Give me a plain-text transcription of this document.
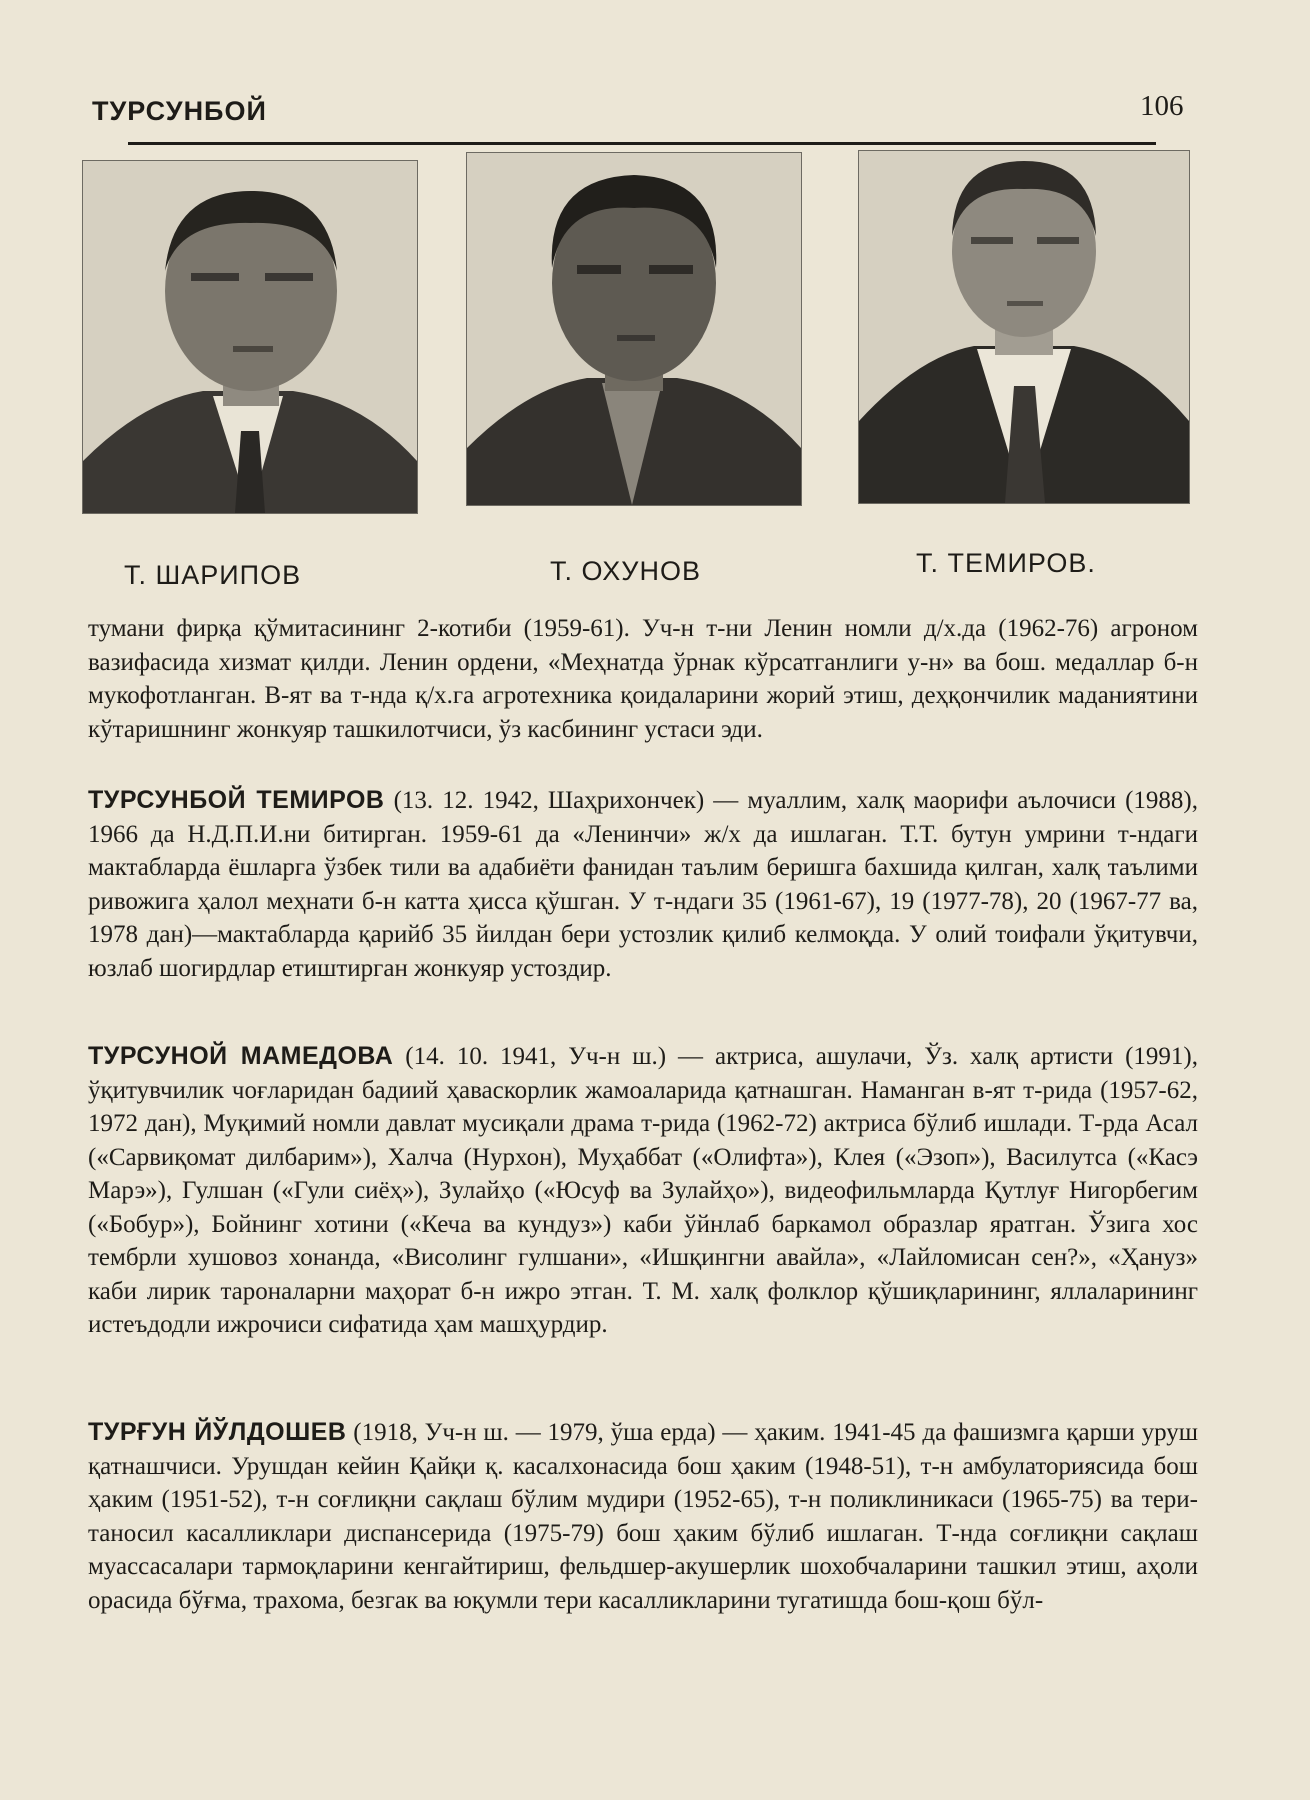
ТУРСУНБОЙ	106
Т. ШАРИПОВ	Т. ОХУНОВ	Т. ТЕМИРОВ.

тумани фирқа қўмитасининг 2-котиби (1959-61). Уч-н т-ни Ленин номли д/х.да (1962-76) агроном вазифасида хизмат қилди. Ленин ордени, «Меҳнатда ўрнак кўрсатганлиги у-н» ва бош. медаллар б-н мукофотланган. В-ят ва т-нда қ/х.га агротехника қоидаларини жорий этиш, деҳқончилик маданиятини кўтаришнинг жонкуяр ташкилотчиси, ўз касбининг устаси эди.

ТУРСУНБОЙ ТЕМИРОВ (13. 12. 1942, Шаҳрихончек) — муаллим, халқ маорифи аълочиси (1988), 1966 да Н.Д.П.И.ни битирган. 1959-61 да «Ленинчи» ж/х да ишлаган. Т.Т. бутун умрини т-ндаги мактабларда ёшларга ўзбек тили ва адабиёти фанидан таълим беришга бахшида қилган, халқ таълими ривожига ҳалол меҳнати б-н катта ҳисса қўшган. У т-ндаги 35 (1961-67), 19 (1977-78), 20 (1967-77 ва, 1978 дан)—мактабларда қарийб 35 йилдан бери устозлик қилиб келмоқда. У олий тоифали ўқитувчи, юзлаб шогирдлар етиштирган жонкуяр устоздир.

ТУРСУНОЙ МАМЕДОВА (14. 10. 1941, Уч-н ш.) — актриса, ашулачи, Ўз. халқ артисти (1991), ўқитувчилик чоғларидан бадиий ҳаваскорлик жамоаларида қатнашган. Наманган в-ят т-рида (1957-62, 1972 дан), Муқимий номли давлат мусиқали драма т-рида (1962-72) актриса бўлиб ишлади. Т-рда Асал («Сарвиқомат дилбарим»), Халча (Нурхон), Муҳаббат («Олифта»), Клея («Эзоп»), Василутса («Касэ Марэ»), Гулшан («Гули сиёҳ»), Зулайҳо («Юсуф ва Зулайҳо»), видеофильмларда Қутлуғ Нигорбегим («Бобур»), Бойнинг хотини («Кеча ва кундуз») каби ўйнлаб баркамол образлар яратган. Ўзига хос тембрли хушовоз хонанда, «Висолинг гулшани», «Ишқингни авайла», «Лайломисан сен?», «Ҳануз» каби лирик тароналарни маҳорат б-н ижро этган. Т. М. халқ фолклор қўшиқларининг, яллаларининг истеъдодли ижрочиси сифатида ҳам машҳурдир.

ТУРҒУН ЙЎЛДОШЕВ (1918, Уч-н ш. — 1979, ўша ерда) — ҳаким. 1941-45 да фашизмга қарши уруш қатнашчиси. Урушдан кейин Қайқи қ. касалхонасида бош ҳаким (1948-51), т-н амбулаториясида бош ҳаким (1951-52), т-н соғлиқни сақлаш бўлим мудири (1952-65), т-н поликлиникаси (1965-75) ва тери-таносил касалликлари диспансерида (1975-79) бош ҳаким бўлиб ишлаган. Т-нда соғлиқни сақлаш муассасалари тармоқларини кенгайтириш, фельдшер-акушерлик шохобчаларини ташкил этиш, аҳоли орасида бўғма, трахома, безгак ва юқумли тери касалликларини тугатишда бош-қош бўл-
